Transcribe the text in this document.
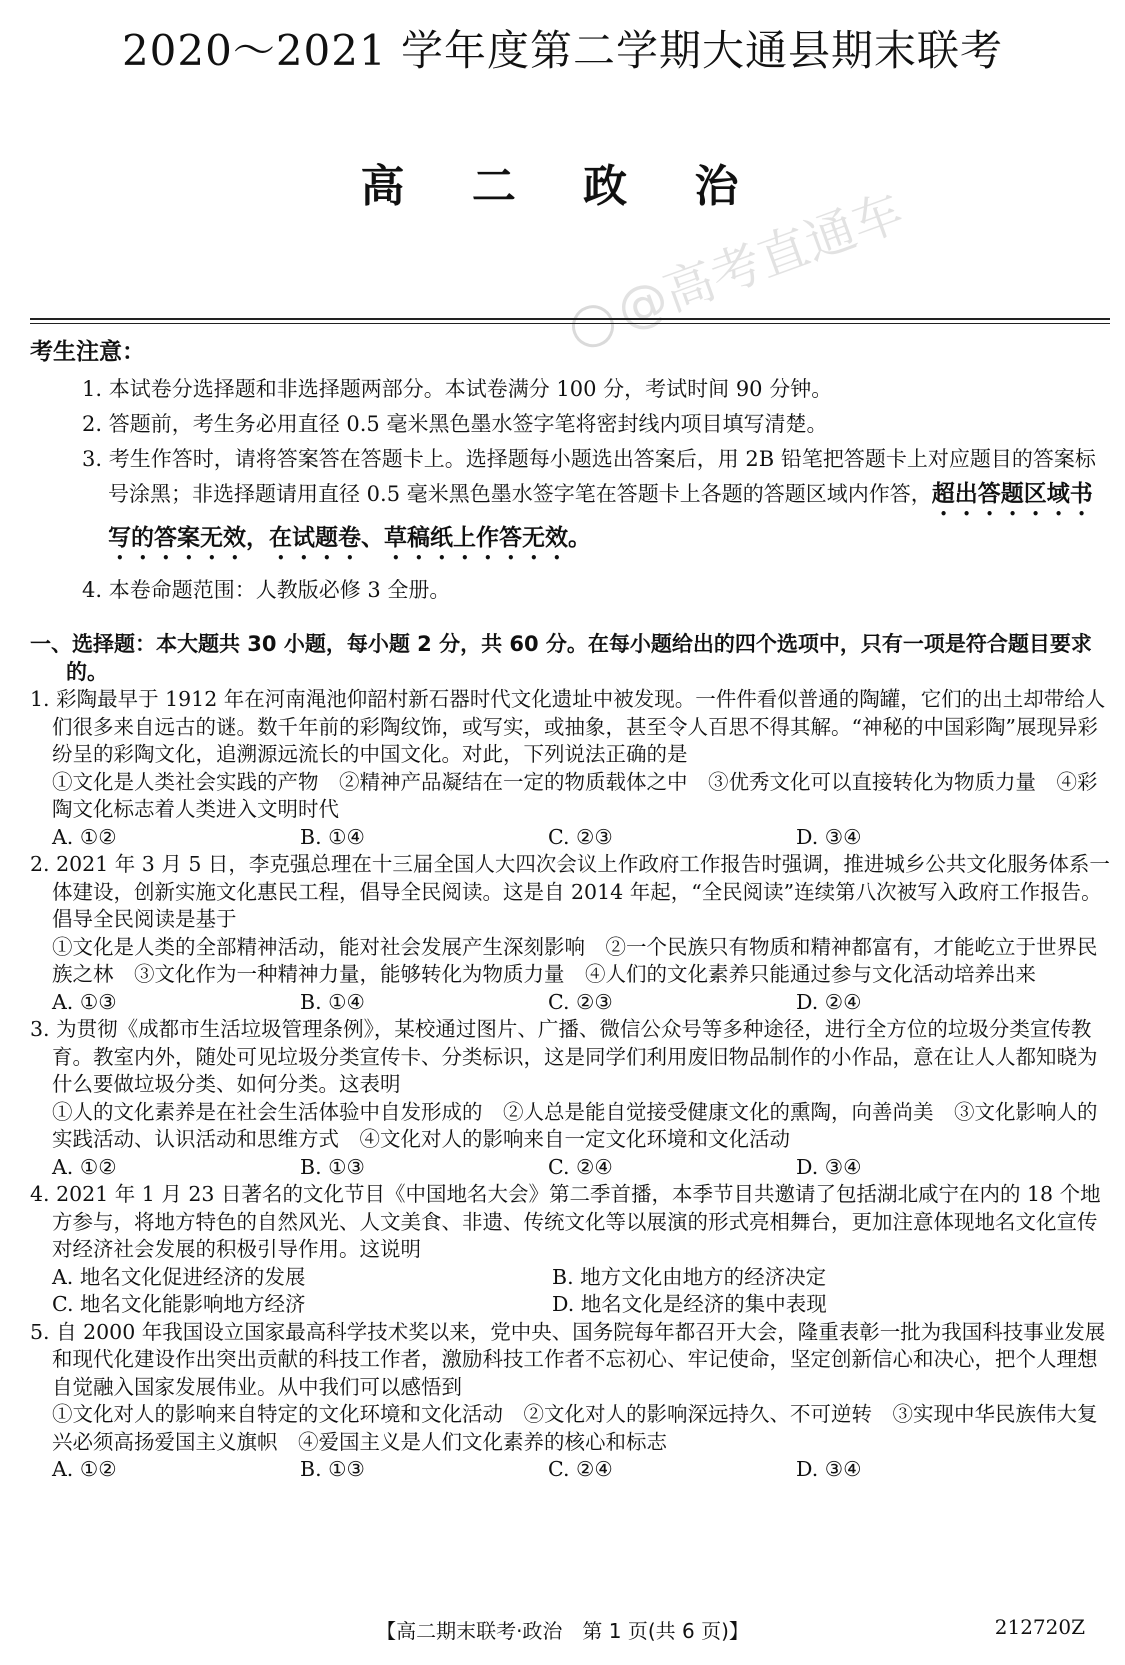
2020～2021 学年度第二学期大通县期末联考
高 二 政 治
@高考直通车
考生注意：
1. 本试卷分选择题和非选择题两部分。本试卷满分 100 分，考试时间 90 分钟。
2. 答题前，考生务必用直径 0.5 毫米黑色墨水签字笔将密封线内项目填写清楚。
3. 考生作答时，请将答案答在答题卡上。选择题每小题选出答案后，用 2B 铅笔把答题卡上对应题目的答案标号涂黑；非选择题请用直径 0.5 毫米黑色墨水签字笔在答题卡上各题的答题区域内作答，超出答题区域书写的答案无效，在试题卷、草稿纸上作答无效。
4. 本卷命题范围：人教版必修 3 全册。
一、选择题：本大题共 30 小题，每小题 2 分，共 60 分。在每小题给出的四个选项中，只有一项是符合题目要求的。
1. 彩陶最早于 1912 年在河南渑池仰韶村新石器时代文化遗址中被发现。一件件看似普通的陶罐，它们的出土却带给人们很多来自远古的谜。数千年前的彩陶纹饰，或写实，或抽象，甚至令人百思不得其解。“神秘的中国彩陶”展现异彩纷呈的彩陶文化，追溯源远流长的中国文化。对此，下列说法正确的是
①文化是人类社会实践的产物　②精神产品凝结在一定的物质载体之中　③优秀文化可以直接转化为物质力量　④彩陶文化标志着人类进入文明时代
A. ①②	B. ①④	C. ②③	D. ③④
2. 2021 年 3 月 5 日，李克强总理在十三届全国人大四次会议上作政府工作报告时强调，推进城乡公共文化服务体系一体建设，创新实施文化惠民工程，倡导全民阅读。这是自 2014 年起，“全民阅读”连续第八次被写入政府工作报告。倡导全民阅读是基于
①文化是人类的全部精神活动，能对社会发展产生深刻影响　②一个民族只有物质和精神都富有，才能屹立于世界民族之林　③文化作为一种精神力量，能够转化为物质力量　④人们的文化素养只能通过参与文化活动培养出来
A. ①③	B. ①④	C. ②③	D. ②④
3. 为贯彻《成都市生活垃圾管理条例》，某校通过图片、广播、微信公众号等多种途径，进行全方位的垃圾分类宣传教育。教室内外，随处可见垃圾分类宣传卡、分类标识，这是同学们利用废旧物品制作的小作品，意在让人人都知晓为什么要做垃圾分类、如何分类。这表明
①人的文化素养是在社会生活体验中自发形成的　②人总是能自觉接受健康文化的熏陶，向善尚美　③文化影响人的实践活动、认识活动和思维方式　④文化对人的影响来自一定文化环境和文化活动
A. ①②	B. ①③	C. ②④	D. ③④
4. 2021 年 1 月 23 日著名的文化节目《中国地名大会》第二季首播，本季节目共邀请了包括湖北咸宁在内的 18 个地方参与，将地方特色的自然风光、人文美食、非遗、传统文化等以展演的形式亮相舞台，更加注意体现地名文化宣传对经济社会发展的积极引导作用。这说明
A. 地名文化促进经济的发展	B. 地方文化由地方的经济决定
C. 地名文化能影响地方经济	D. 地名文化是经济的集中表现
5. 自 2000 年我国设立国家最高科学技术奖以来，党中央、国务院每年都召开大会，隆重表彰一批为我国科技事业发展和现代化建设作出突出贡献的科技工作者，激励科技工作者不忘初心、牢记使命，坚定创新信心和决心，把个人理想自觉融入国家发展伟业。从中我们可以感悟到
①文化对人的影响来自特定的文化环境和文化活动　②文化对人的影响深远持久、不可逆转　③实现中华民族伟大复兴必须高扬爱国主义旗帜　④爱国主义是人们文化素养的核心和标志
A. ①②	B. ①③	C. ②④	D. ③④
【高二期末联考·政治　第 1 页(共 6 页)】	212720Z
